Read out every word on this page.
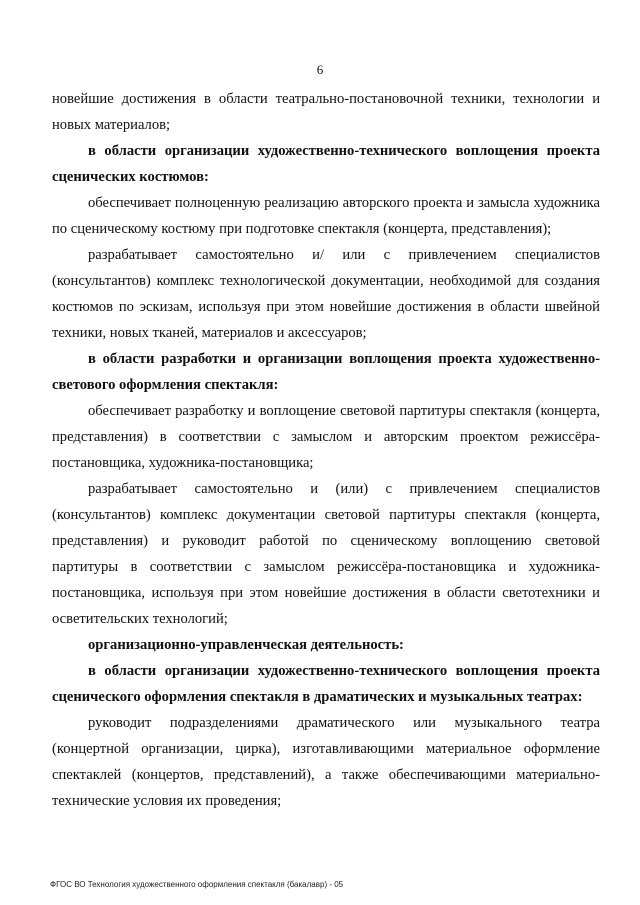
6

новейшие достижения в области театрально-постановочной техники, технологии и новых материалов;

в области организации художественно-технического воплощения проекта сценических костюмов:

обеспечивает полноценную реализацию авторского проекта и замысла художника по сценическому костюму при подготовке спектакля (концерта, представления);

разрабатывает самостоятельно и/ или с привлечением специалистов (консультантов) комплекс технологической документации, необходимой для создания костюмов по эскизам, используя при этом новейшие достижения в области швейной техники, новых тканей, материалов и аксессуаров;

в области разработки и организации воплощения проекта художественно-светового оформления спектакля:

обеспечивает разработку и воплощение световой партитуры спектакля (концерта, представления) в соответствии с замыслом и авторским проектом режиссёра-постановщика, художника-постановщика;

разрабатывает самостоятельно и (или) с привлечением специалистов (консультантов) комплекс документации световой партитуры спектакля (концерта, представления) и руководит работой по сценическому воплощению световой партитуры в соответствии с замыслом режиссёра-постановщика и художника-постановщика, используя при этом новейшие достижения в области светотехники и осветительских технологий;

организационно-управленческая деятельность:

в области организации художественно-технического воплощения проекта сценического оформления спектакля в драматических и музыкальных театрах:

руководит подразделениями драматического или музыкального театра (концертной организации, цирка), изготавливающими материальное оформление спектаклей (концертов, представлений), а также обеспечивающими материально-технические условия их проведения;

ФГОС ВО Технология художественного оформления спектакля (бакалавр) - 05
